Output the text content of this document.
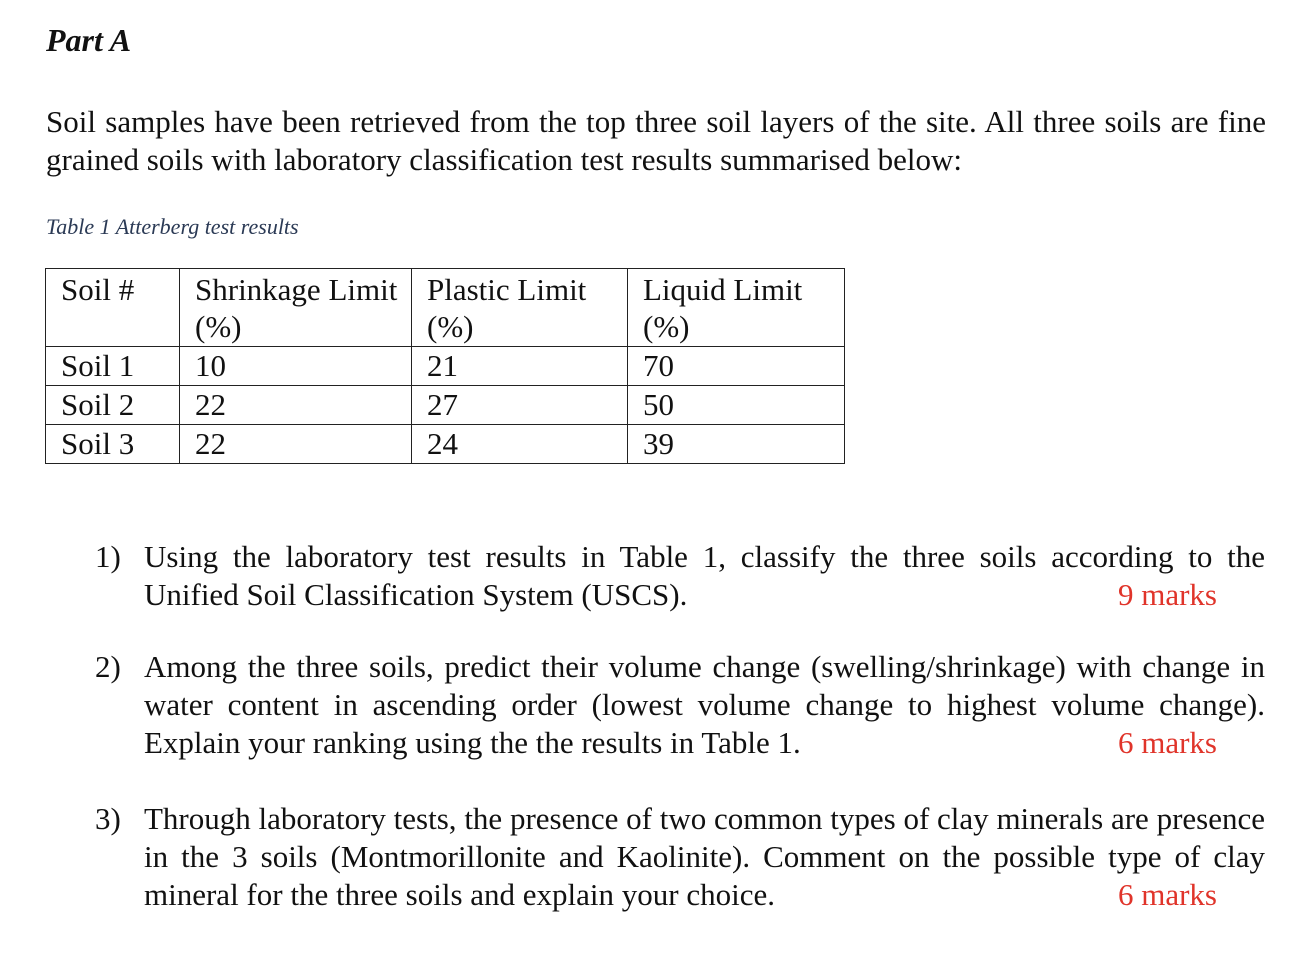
Part A

Soil samples have been retrieved from the top three soil layers of the site. All three soils are fine grained soils with laboratory classification test results summarised below:

Table 1 Atterberg test results

Soil #	Shrinkage Limit (%)	Plastic Limit (%)	Liquid Limit (%)
Soil 1	10	21	70
Soil 2	22	27	50
Soil 3	22	24	39
1) Using the laboratory test results in Table 1, classify the three soils according to the Unified Soil Classification System (USCS).	9 marks
2) Among the three soils, predict their volume change (swelling/shrinkage) with change in water content in ascending order (lowest volume change to highest volume change). Explain your ranking using the the results in Table 1.	6 marks
3) Through laboratory tests, the presence of two common types of clay minerals are presence in the 3 soils (Montmorillonite and Kaolinite). Comment on the possible type of clay mineral for the three soils and explain your choice.	6 marks
